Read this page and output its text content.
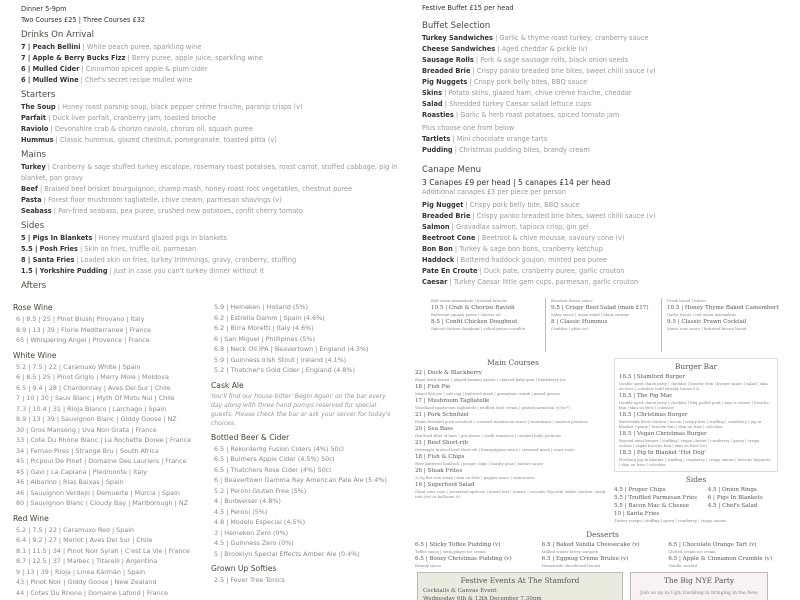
Dinner 5-9pm
Two Courses £25 | Three Courses £32
Drinks On Arrival
7 | Peach Bellini | White peach puree, sparkling wine
7 | Apple & Berry Bucks Fizz | Berry puree, apple juice, sparkling wine
6 | Mulled Cider | Cinnamon spiced apple & plum cider
6 | Mulled Wine | Chef's secret recipe mulled wine
Starters
The Soup | Honey roast parsnip soup, black pepper crème fraiche, parsnip crisps (v)
Parfait | Duck liver parfait, cranberry jam, toasted brioche
Raviolo | Devonshire crab & chorizo raviolo, chorizo oil, squash puree
Hummus | Classic hummus, glazed chestnut, pomegranate, toasted pitta (v)
Mains
Turkey | Cranberry & sage stuffed turkey escalope, rosemary roast potatoes, roast carrot, stuffed cabbage, pig in blanket, pan gravy
Beef | Braised beef brisket bourguignon, champ mash, honey roast root vegetables, chestnut puree
Pasta | Forest floor mushroom tagliatelle, chive cream, parmesan shavings (v)
Seabass | Pan-fried seabass, pea puree, crushed new potatoes, confit cherry tomato
Sides
5 | Pigs In Blankets | Honey mustard glazed pigs in blankets
5.5 | Posh Fries | Skin on fries, truffle oil, parmesan
8 | Santa Fries | Loaded skin on fries, turkey trimmings, gravy, cranberry, stuffing
1.5 | Yorkshire Pudding | Just in case you can't turkey dinner without it
Afters
Festive Buffet £15 per head
Buffet Selection
Turkey Sandwiches | Garlic & thyme roast turkey, cranberry sauce
Cheese Sandwiches | Aged cheddar & pickle (v)
Sausage Rolls | Pork & sage sausage rolls, black onion seeds
Breaded Brie | Crispy panko breaded brie bites, sweet chilli sauce (v)
Pig Nuggets | Crispy pork belly bites, BBQ sauce
Skins | Potato skins, glazed ham, chive crème fraiche, cheddar
Salad | Shredded turkey Caesar salad lettuce cups
Roasties | Garlic & herb roast potatoes, spiced tomato jam
Plus choose one from below
Tartlets | Mini chocolate orange tarts
Pudding | Christmas pudding bites, brandy cream
Canape Menu
3 Canapes £9 per head | 5 canapes £14 per head
Additional canapes £3 per piece per person
Pig Nugget | Crispy pork belly bite, BBQ sauce
Breaded Brie | Crispy panko breaded brie bites, sweet chilli sauce (v)
Salmon | Gravadlax salmon, tapioca crisp, gin gel
Beetroot Cone | Beetroot & chive mousse, savoury cone (v)
Bon Bon | Turkey & sage bon bons, cranberry ketchup
Haddock | Battered haddock goujon, minted pea puree
Pate En Croute | Duck pate, cranberry puree, garlic crouton
Caesar | Turkey Caesar little gem cups, parmesan, garlic crouton
Rose Wine
6 | 8.5 | 25 | Pinot Blush| Pirovano | Italy
8.9 | 13 | 39 | Florie Mediterranee | France
65 | Whispering Angel | Provence | France
White Wine
5.2 | 7.5 | 22 | Caramuxo White | Spain
6 | 8.5 | 25 | Pinot Grigio | Merry Mole | Moldova
6.5 | 9.4 | 28 | Chardonnay | Aves Del Sur | Chile
7 | 10 | 30 | Sauv Blanc | Myth Of Motu Nui | Chile
7.3 | 10.4 | 31 | Rioja Blanco | Larchago | Spain
8.9 | 13 | 39 | Sauvignon Blanc | Giddy Goose | NZ
30 | Gros Manseng | Uva Non Grata | France
33 | Cote Du Rhone Blanc | La Rochette Doree | France
34 | Fernao Pires | Strange Bru | South Africa
45 | Picpoul De Pinet | Domaine Des Lauriers | France
45 | Gavi | La Caplana | Piedmonte | Italy
46 | Albarino | Rias Baixas | Spain
46 | Sauvignon Verdejo | Demuerte | Murcia | Spain
80 | Sauvignon Blanc | Cloudy Bay | Marlborough | NZ
Red Wine
5.2 | 7.5 | 22 | Caramuxo Red | Spain
6.4 | 9.2 | 27 | Merlot | Aves Del Sur | Chile
8.1 | 11.5 | 34 | Pinot Noir Syrah | C'est La Vie | France
8.7 | 12.5 | 37 | Malbec | Titarelli | Argentina
9 | 13 | 39 | Rioja | Linea Kármán | Spain
43 | Pinot Noir | Giddy Goose | New Zealand
44 | Cotes Du Rhone | Domaine Lafond | France
5.9 | Heineken | Holland (5%)
6.2 | Estrella Damm | Spain (4.6%)
6.2 | Birra Moretti | Italy (4.6%)
6 | San Miguel | Phillipines (5%)
6.8 | Neck Oil IPA | Beavertown | England (4.3%)
5.9 | Guinness Irish Stout | Ireland (4.1%)
5.2 | Thatcher's Gold Cider | England (4.8%)
Cask Ale
You'll find our house bitter 'Begin Again' on the bar every day along with three hand pumps reserved for special guests. Please check the bar or ask your server for today's choices.
Bottled Beer & Cider
6.5 | Rekorderlig Fusion Ciders (4%) 50cl
6.5 | Bulmers Apple Cider (4.5%) 50cl
6.5 | Thatchers Rose Cider (4%) 50cl
6 | Beavertown Gamma Ray American Pale Ale (5.4%)
5.2 | Peroni Gluten Free (5%)
4 | Budweiser (4.8%)
4.5 | Peroni (5%)
4.8 | Modelo Especial (4.5%)
3 | Heineken Zero (0%)
4.5 | Guinness Zero (0%)
5 | Brooklyn Special Effects Amber Ale (0.4%)
Grown Up Softies
2.5 | Fever Tree Tonics
Red onion marmalade | toasted brioche
10.5 | Crab & Chorizo Ravioli
Butternut squash puree | chorizo oil
8.5 | Confit Chicken Doughnut
Spiced chicken doughnut | salted pecan crumble
Bourbon lemon sauce
9.5 | Crispy Beef Salad (main £17)
Satay sauce | Asian salad | black sesame
8 | Classic Hummus
Crudites | pitta (ve)
Fresh bread | butter
10.5 | Honey Thyme Baked Camembert
Garlic toasts | red onion marmalade
9.5 | Classic Prawn Cocktail
Marie rose sauce | buttered brown bread
Main Courses
22 | Duck & Blackberry
Roast duck breast | glazed fondant potato | charred baby gem | blackberry jus
18 | Fish Pie
Mixed fish pie | soft egg | buttered mash | gremolata crumb | mixed greens
17 | Mushroom Tagliatelle
Woodland mushroom tagliatelle | truffled herb cream | grated parmesan (v)(ve*)
21 | Pork Schnitzel
Panko breaded pork schnitzel | creamed mushroom sauce | sauerkraut | sauteed potatoes
20 | Sea Bass
Pan-fried fillet of bass | pea puree | confit tomatoes | crushed baby potatoes
21 | Beef Short-rib
Overnight braised beef short-rib | bourguignon sauce | creamed mash | roast roots
18 | Fish & Chips
Beer battered haddock | proper chips | mushy peas | tartare sauce
26 | Steak Frites
225g flat iron steak | skin on fries | pepper sauce | watercress
16 | Superfood Salad
Giant cous cous | preserved apricots | mixed leaf | tomato | avocado Top with either chicken, steak, tofu (ve) or halloumi (v)
Burger Bar
16.5 | Stamford Burger
Double aged chuck patty | cheddar | brioche bun | burger sauce | salad | skin on fries | coleslaw (add streaky bacon £2)
18.5 | The Pig Mac
Double aged chuck patty | cheddar | bbq pulled pork | mac n cheese | brioche bun | skin on fries | coleslaw
18.5 | Christmas Burger
Buttermilk fried chicken | bacon | crispy brie | stuffing | cranberry | pig in blanket | gravy | brioche bun | skin on fries | coleslaw
18.5 | Vegan Christmas Burger
Beyond meat burger | stuffing | vegan cheese | cranberry | gravy | crispy onions | vegan brioche bun | skin on fries (ve)
18.5 | Pig In Blanket 'Hot Dog'
Footlong pig in blanket | stuffing | cranberry | crispy onions | brioche baguette | skin on fries | coleslaw
Sides
4.5 | Proper Chips	4.5 | Onion Rings
5.5 | Truffled Parmesan Fries	6 | Pigs In Blankets
5.5 | Bacon Mac & Cheese	4.5 | Chef's Salad
10 | Santa Fries
Turkey scraps | stuffing | gravy | cranberry | crispy onions
Desserts
6.5 | Sticky Toffee Pudding (v)
Toffee sauce | stem ginger ice cream
6.5 | Baked Vanilla Cheesecake (v)
Mulled winter berry compote
6.5 | Chocolate Orange Tart (v)
Clotted cream ice cream
6.5 | Boozy Christmas Pudding (v)
Brandy sauce
6.5 | Eggnog Crème Brulee (v)
Homemade shortbread biscuit
6.5 | Apple & Cinnamon Crumble (v)
Vanilla custard
Festive Events At The Stamford
Cocktails & Canvas Event
Wednesday 6th & 13th December 7.30pm
The Big NYE Party
Join us up in Ugly Duckling in bringing in the New
